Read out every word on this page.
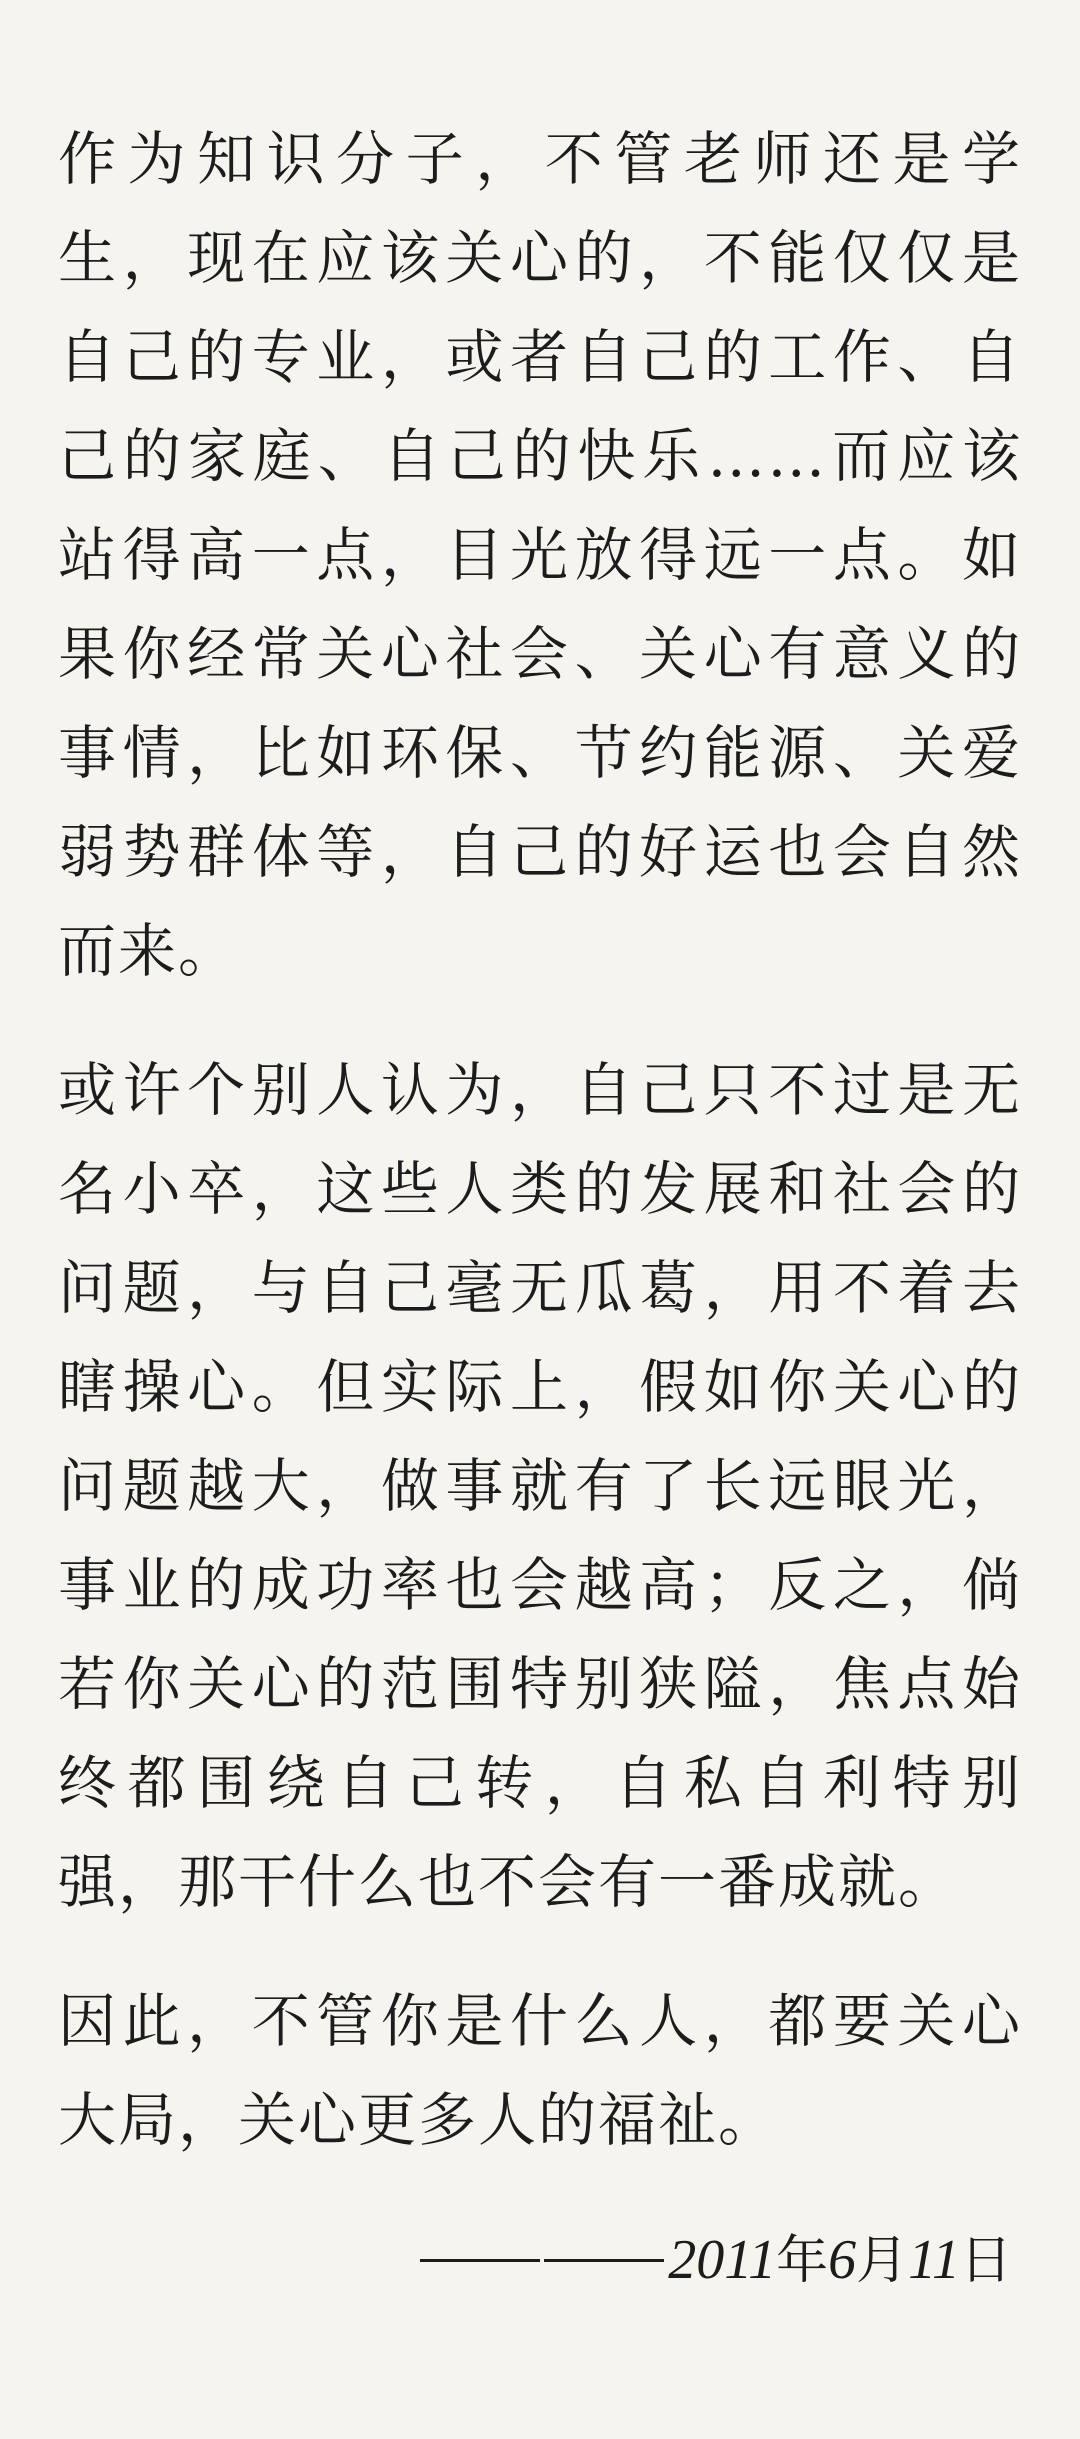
作为知识分子，不管老师还是学
生，现在应该关心的，不能仅仅是
自己的专业，或者自己的工作、自
己的家庭、自己的快乐……而应该
站得高一点，目光放得远一点。如
果你经常关心社会、关心有意义的
事情，比如环保、节约能源、关爱
弱势群体等，自己的好运也会自然
而来。
或许个别人认为，自己只不过是无
名小卒，这些人类的发展和社会的
问题，与自己毫无瓜葛，用不着去
瞎操心。但实际上，假如你关心的
问题越大，做事就有了长远眼光，
事业的成功率也会越高；反之，倘
若你关心的范围特别狭隘，焦点始
终都围绕自己转，自私自利特别
强，那干什么也不会有一番成就。
因此，不管你是什么人，都要关心
大局，关心更多人的福祉。
2011年6月11日
